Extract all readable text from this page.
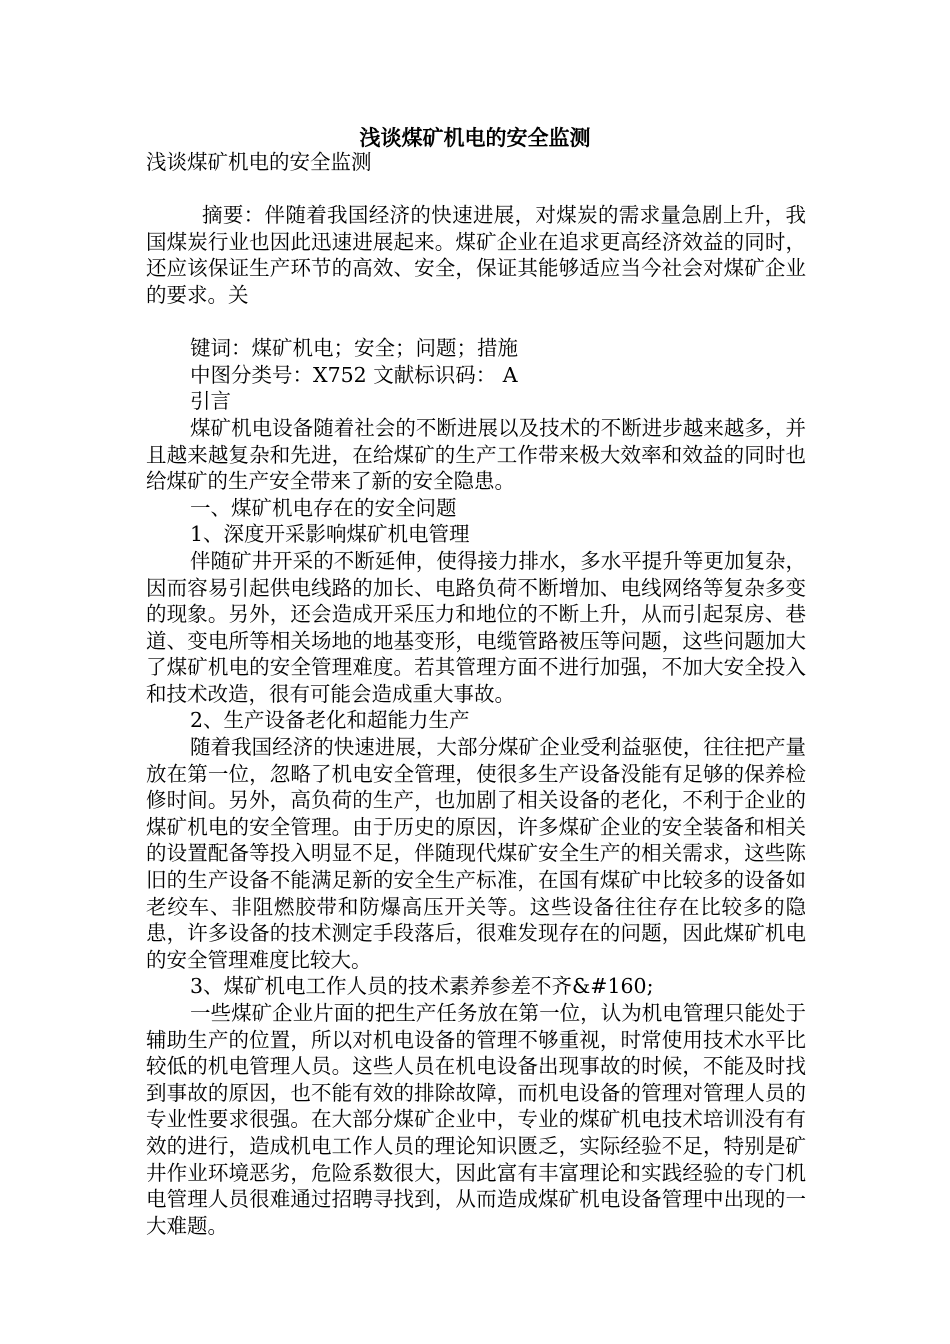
浅谈煤矿机电的安全监测

浅谈煤矿机电的安全监测

摘要：伴随着我国经济的快速进展，对煤炭的需求量急剧上升，我国煤炭行业也因此迅速进展起来。煤矿企业在追求更高经济效益的同时，还应该保证生产环节的高效、安全，保证其能够适应当今社会对煤矿企业的要求。关

键词：煤矿机电；安全；问题；措施

中图分类号：X752 文献标识码： A

引言

煤矿机电设备随着社会的不断进展以及技术的不断进步越来越多，并且越来越复杂和先进，在给煤矿的生产工作带来极大效率和效益的同时也给煤矿的生产安全带来了新的安全隐患。

一、煤矿机电存在的安全问题

1、深度开采影响煤矿机电管理

伴随矿井开采的不断延伸，使得接力排水，多水平提升等更加复杂，因而容易引起供电线路的加长、电路负荷不断增加、电线网络等复杂多变的现象。另外，还会造成开采压力和地位的不断上升，从而引起泵房、巷道、变电所等相关场地的地基变形，电缆管路被压等问题，这些问题加大了煤矿机电的安全管理难度。若其管理方面不进行加强，不加大安全投入和技术改造，很有可能会造成重大事故。

2、生产设备老化和超能力生产

随着我国经济的快速进展，大部分煤矿企业受利益驱使，往往把产量放在第一位，忽略了机电安全管理，使很多生产设备没能有足够的保养检修时间。另外，高负荷的生产，也加剧了相关设备的老化，不利于企业的煤矿机电的安全管理。由于历史的原因，许多煤矿企业的安全装备和相关的设置配备等投入明显不足，伴随现代煤矿安全生产的相关需求，这些陈旧的生产设备不能满足新的安全生产标准，在国有煤矿中比较多的设备如老绞车、非阻燃胶带和防爆高压开关等。这些设备往往存在比较多的隐患，许多设备的技术测定手段落后，很难发现存在的问题，因此煤矿机电的安全管理难度比较大。

3、煤矿机电工作人员的技术素养参差不齐&#160;

一些煤矿企业片面的把生产任务放在第一位，认为机电管理只能处于辅助生产的位置，所以对机电设备的管理不够重视，时常使用技术水平比较低的机电管理人员。这些人员在机电设备出现事故的时候，不能及时找到事故的原因，也不能有效的排除故障，而机电设备的管理对管理人员的专业性要求很强。在大部分煤矿企业中，专业的煤矿机电技术培训没有有效的进行，造成机电工作人员的理论知识匮乏，实际经验不足，特别是矿井作业环境恶劣，危险系数很大，因此富有丰富理论和实践经验的专门机电管理人员很难通过招聘寻找到，从而造成煤矿机电设备管理中出现的一大难题。
